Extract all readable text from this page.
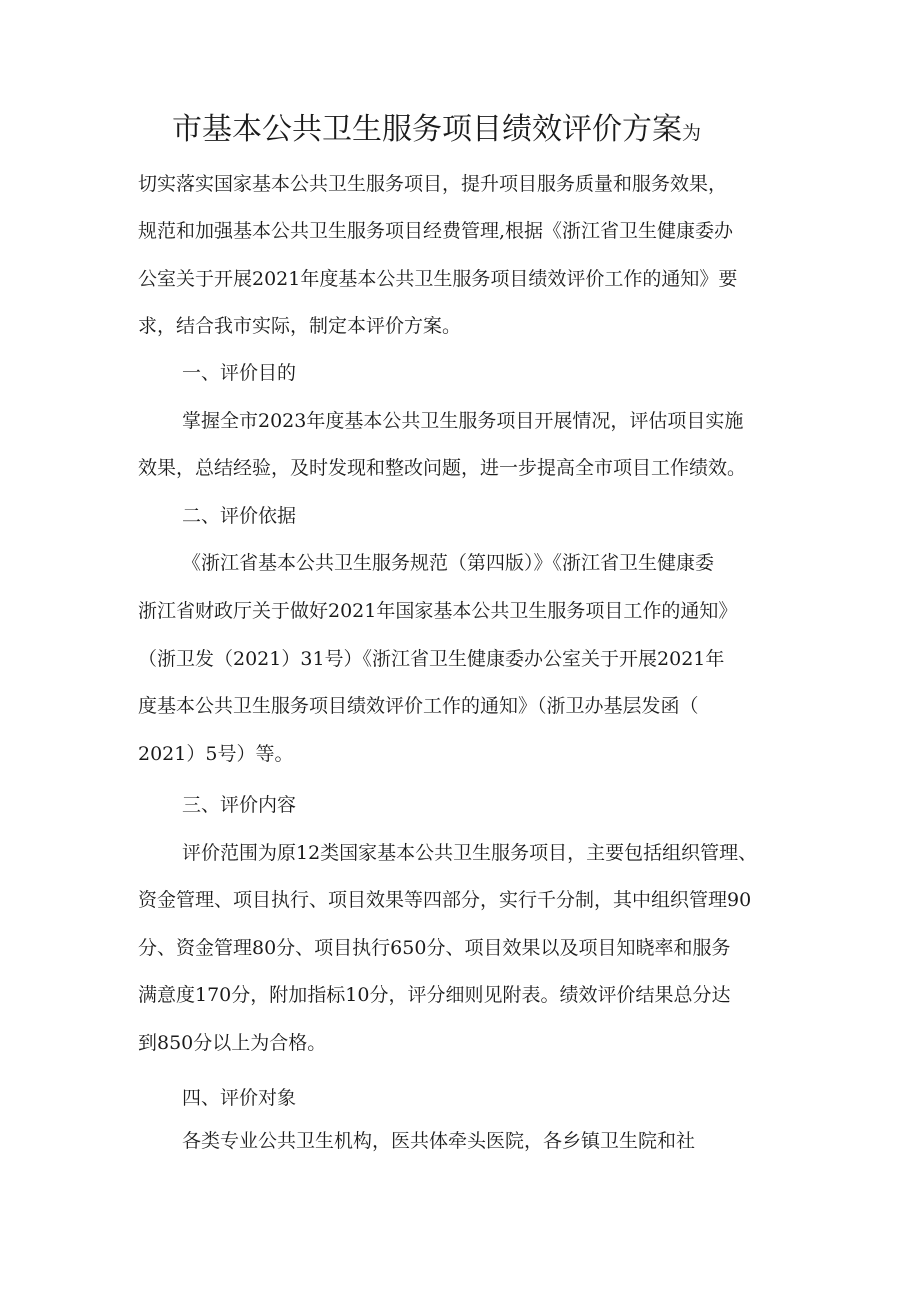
市基本公共卫生服务项目绩效评价方案为
切实落实国家基本公共卫生服务项目，提升项目服务质量和服务效果，
规范和加强基本公共卫生服务项目经费管理,根据《浙江省卫生健康委办
公室关于开展2021年度基本公共卫生服务项目绩效评价工作的通知》要
求，结合我市实际，制定本评价方案。
一、评价目的
掌握全市2023年度基本公共卫生服务项目开展情况，评估项目实施
效果，总结经验，及时发现和整改问题，进一步提高全市项目工作绩效。
二、评价依据
《浙江省基本公共卫生服务规范（第四版）》《浙江省卫生健康委
浙江省财政厅关于做好2021年国家基本公共卫生服务项目工作的通知》
（浙卫发（2021）31号）《浙江省卫生健康委办公室关于开展2021年
度基本公共卫生服务项目绩效评价工作的通知》（浙卫办基层发函（
2021）5号）等。
三、评价内容
评价范围为原12类国家基本公共卫生服务项目，主要包括组织管理、
资金管理、项目执行、项目效果等四部分，实行千分制，其中组织管理90
分、资金管理80分、项目执行650分、项目效果以及项目知晓率和服务
满意度170分，附加指标10分，评分细则见附表。绩效评价结果总分达
到850分以上为合格。
四、评价对象
各类专业公共卫生机构，医共体牵头医院，各乡镇卫生院和社
